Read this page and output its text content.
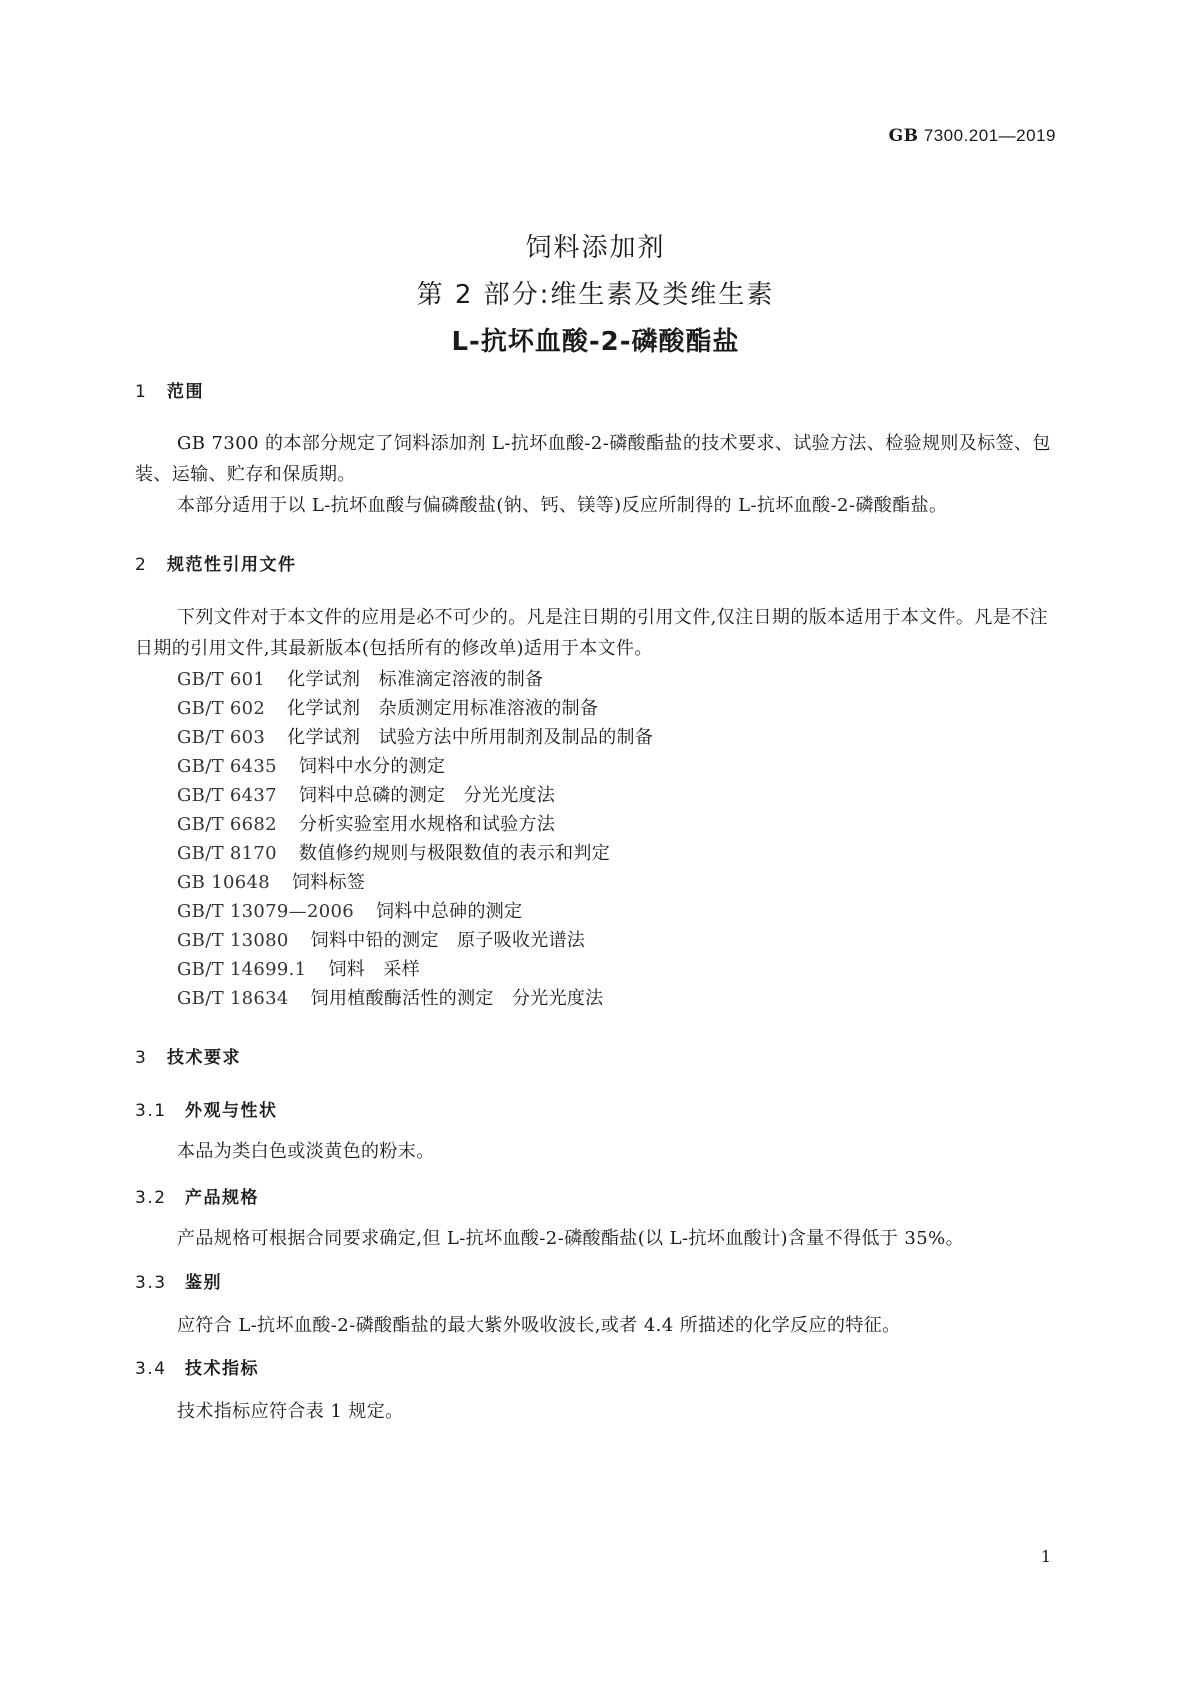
GB 7300.201—2019
饲料添加剂
第 2 部分:维生素及类维生素
L-抗坏血酸-2-磷酸酯盐
1 范围
GB 7300 的本部分规定了饲料添加剂 L-抗坏血酸-2-磷酸酯盐的技术要求、试验方法、检验规则及标签、包装、运输、贮存和保质期。
本部分适用于以 L-抗坏血酸与偏磷酸盐(钠、钙、镁等)反应所制得的 L-抗坏血酸-2-磷酸酯盐。
2 规范性引用文件
下列文件对于本文件的应用是必不可少的。凡是注日期的引用文件,仅注日期的版本适用于本文件。凡是不注日期的引用文件,其最新版本(包括所有的修改单)适用于本文件。
GB/T 601 化学试剂　标准滴定溶液的制备
GB/T 602 化学试剂　杂质测定用标准溶液的制备
GB/T 603 化学试剂　试验方法中所用制剂及制品的制备
GB/T 6435 饲料中水分的测定
GB/T 6437 饲料中总磷的测定　分光光度法
GB/T 6682 分析实验室用水规格和试验方法
GB/T 8170 数值修约规则与极限数值的表示和判定
GB 10648 饲料标签
GB/T 13079—2006 饲料中总砷的测定
GB/T 13080 饲料中铅的测定　原子吸收光谱法
GB/T 14699.1 饲料　采样
GB/T 18634 饲用植酸酶活性的测定　分光光度法
3 技术要求
3.1 外观与性状
本品为类白色或淡黄色的粉末。
3.2 产品规格
产品规格可根据合同要求确定,但 L-抗坏血酸-2-磷酸酯盐(以 L-抗坏血酸计)含量不得低于 35%。
3.3 鉴别
应符合 L-抗坏血酸-2-磷酸酯盐的最大紫外吸收波长,或者 4.4 所描述的化学反应的特征。
3.4 技术指标
技术指标应符合表 1 规定。
1
